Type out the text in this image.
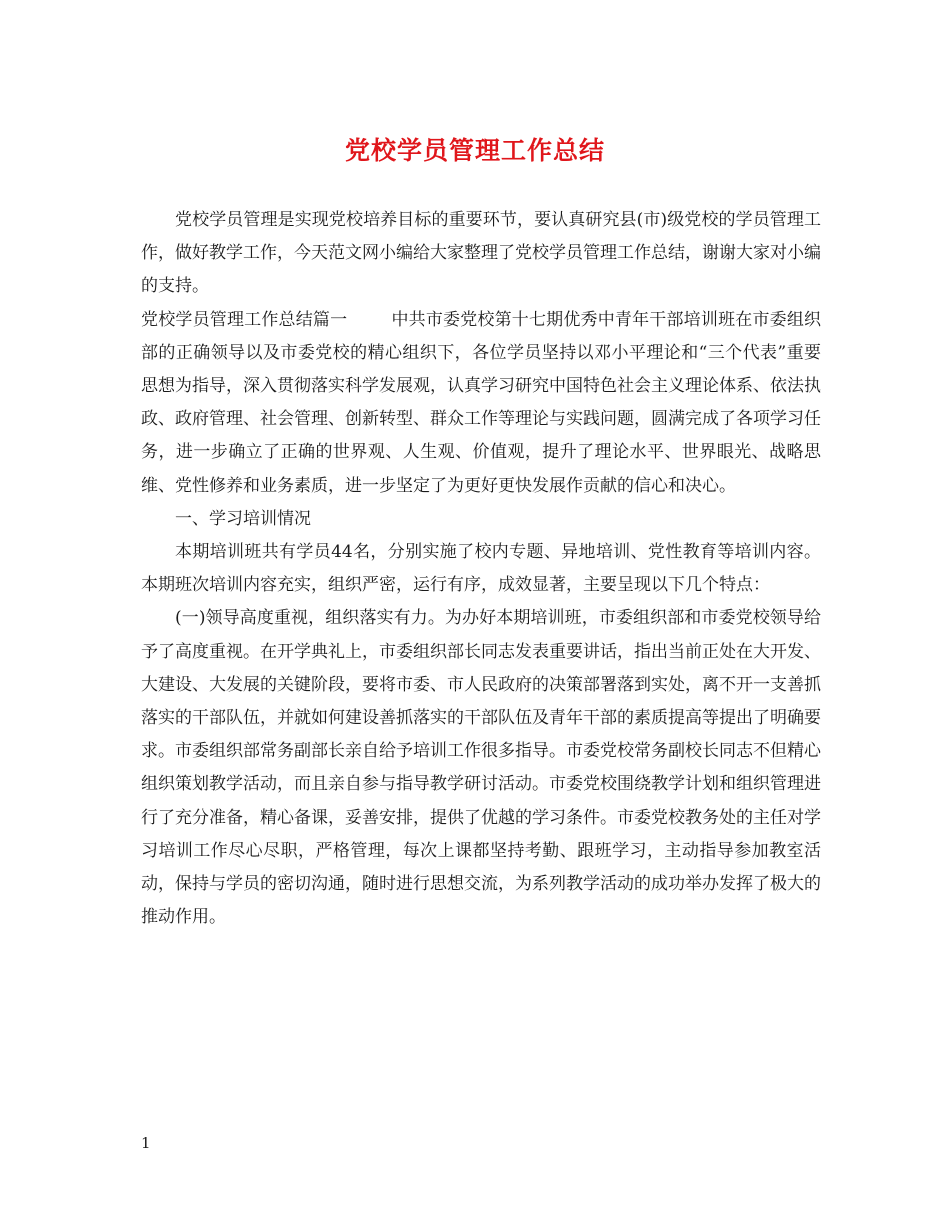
党校学员管理工作总结

党校学员管理是实现党校培养目标的重要环节，要认真研究县(市)级党校的学员管理工作，做好教学工作，今天范文网小编给大家整理了党校学员管理工作总结，谢谢大家对小编的支持。

党校学员管理工作总结篇一	中共市委党校第十七期优秀中青年干部培训班在市委组织部的正确领导以及市委党校的精心组织下，各位学员坚持以邓小平理论和“三个代表”重要思想为指导，深入贯彻落实科学发展观，认真学习研究中国特色社会主义理论体系、依法执政、政府管理、社会管理、创新转型、群众工作等理论与实践问题，圆满完成了各项学习任务，进一步确立了正确的世界观、人生观、价值观，提升了理论水平、世界眼光、战略思维、党性修养和业务素质，进一步坚定了为更好更快发展作贡献的信心和决心。

一、学习培训情况

本期培训班共有学员44名，分别实施了校内专题、异地培训、党性教育等培训内容。本期班次培训内容充实，组织严密，运行有序，成效显著，主要呈现以下几个特点：

(一)领导高度重视，组织落实有力。为办好本期培训班，市委组织部和市委党校领导给予了高度重视。在开学典礼上，市委组织部长同志发表重要讲话，指出当前正处在大开发、大建设、大发展的关键阶段，要将市委、市人民政府的决策部署落到实处，离不开一支善抓落实的干部队伍，并就如何建设善抓落实的干部队伍及青年干部的素质提高等提出了明确要求。市委组织部常务副部长亲自给予培训工作很多指导。市委党校常务副校长同志不但精心组织策划教学活动，而且亲自参与指导教学研讨活动。市委党校围绕教学计划和组织管理进行了充分准备，精心备课，妥善安排，提供了优越的学习条件。市委党校教务处的主任对学习培训工作尽心尽职，严格管理，每次上课都坚持考勤、跟班学习，主动指导参加教室活动，保持与学员的密切沟通，随时进行思想交流，为系列教学活动的成功举办发挥了极大的推动作用。

1
